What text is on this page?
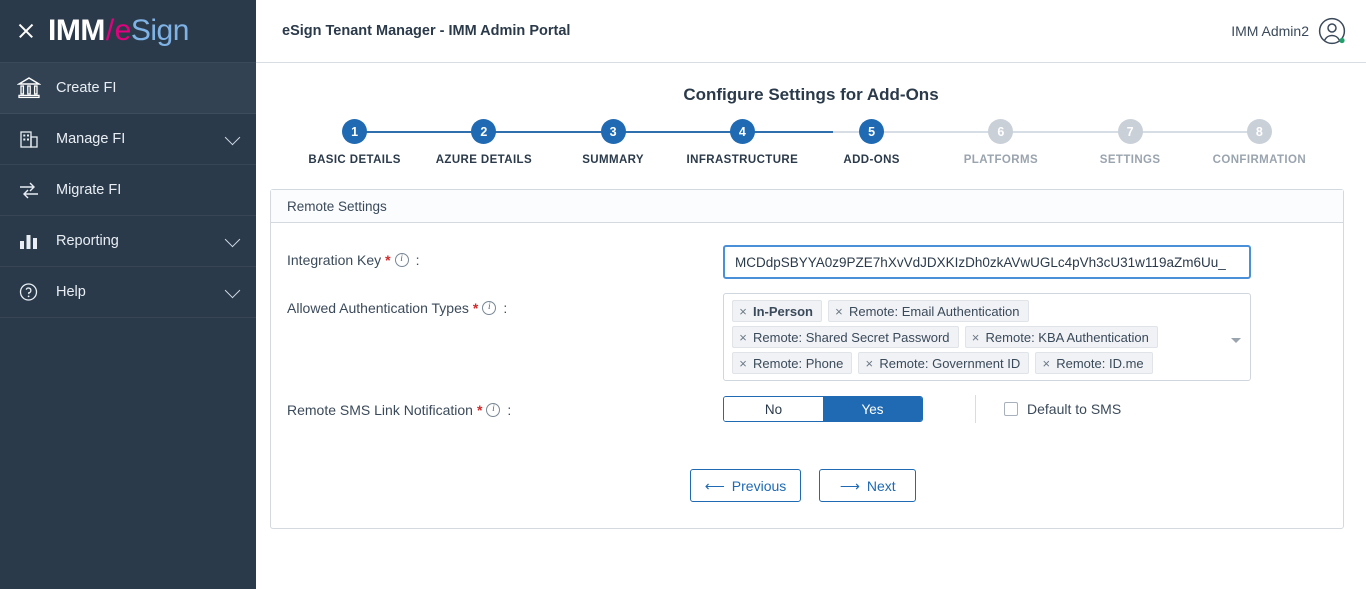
IMM / e Sign
Create FI
Manage FI
Migrate FI
Reporting
Help
eSign Tenant Manager - IMM Admin Portal	IMM Admin2
Configure Settings for Add-Ons
1
BASIC DETAILS
2
AZURE DETAILS
3
SUMMARY
4
INFRASTRUCTURE
5
ADD-ONS
6
PLATFORMS
7
SETTINGS
8
CONFIRMATION
Remote Settings
Integration Key *	i :
MCDdpSBYYA0z9PZE7hXvVdJDXKIzDh0zkAVwUGLc4pVh3cU31w119aZm6Uu_
Allowed Authentication Types *	i :	× In-Person	× Remote: Email Authentication
× Remote: Shared Secret Password	× Remote: KBA Authentication
× Remote: Phone	× Remote: Government ID	× Remote: ID.me
Remote SMS Link Notification *	i :	No	Yes	Default to SMS
⟵ Previous	⟶ Next
